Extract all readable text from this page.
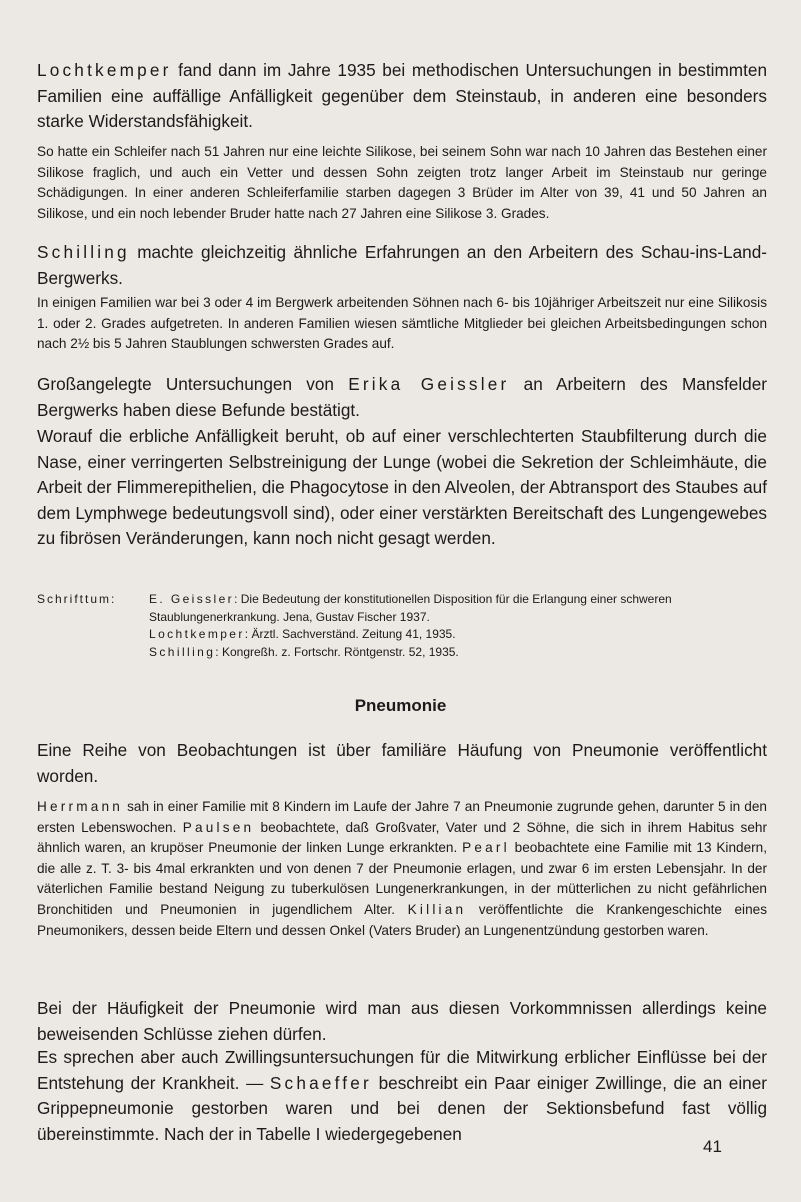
Lochtkemper fand dann im Jahre 1935 bei methodischen Untersuchungen in bestimmten Familien eine auffällige Anfälligkeit gegenüber dem Steinstaub, in anderen eine besonders starke Widerstandsfähigkeit.

So hatte ein Schleifer nach 51 Jahren nur eine leichte Silikose, bei seinem Sohn war nach 10 Jahren das Bestehen einer Silikose fraglich, und auch ein Vetter und dessen Sohn zeigten trotz langer Arbeit im Steinstaub nur geringe Schädigungen. In einer anderen Schleiferfamilie starben dagegen 3 Brüder im Alter von 39, 41 und 50 Jahren an Silikose, und ein noch lebender Bruder hatte nach 27 Jahren eine Silikose 3. Grades.

Schilling machte gleichzeitig ähnliche Erfahrungen an den Arbeitern des Schau-ins-Land-Bergwerks.

In einigen Familien war bei 3 oder 4 im Bergwerk arbeitenden Söhnen nach 6- bis 10jähriger Arbeitszeit nur eine Silikosis 1. oder 2. Grades aufgetreten. In anderen Familien wiesen sämtliche Mitglieder bei gleichen Arbeitsbedingungen schon nach 2½ bis 5 Jahren Staublungen schwersten Grades auf.

Großangelegte Untersuchungen von Erika Geissler an Arbeitern des Mansfelder Bergwerks haben diese Befunde bestätigt.

Worauf die erbliche Anfälligkeit beruht, ob auf einer verschlechterten Staubfilterung durch die Nase, einer verringerten Selbstreinigung der Lunge (wobei die Sekretion der Schleimhäute, die Arbeit der Flimmerepithelien, die Phagocytose in den Alveolen, der Abtransport des Staubes auf dem Lymphwege bedeutungsvoll sind), oder einer verstärkten Bereitschaft des Lungengewebes zu fibrösen Veränderungen, kann noch nicht gesagt werden.

Schrifttum:	E. Geissler: Die Bedeutung der konstitutionellen Disposition für die Erlangung einer schweren Staublungenerkrankung. Jena, Gustav Fischer 1937.
Lochtkemper: Ärztl. Sachverständ. Zeitung 41, 1935.
Schilling: Kongreßh. z. Fortschr. Röntgenstr. 52, 1935.
Pneumonie

Eine Reihe von Beobachtungen ist über familiäre Häufung von Pneumonie veröffentlicht worden.

Herrmann sah in einer Familie mit 8 Kindern im Laufe der Jahre 7 an Pneumonie zugrunde gehen, darunter 5 in den ersten Lebenswochen. Paulsen beobachtete, daß Großvater, Vater und 2 Söhne, die sich in ihrem Habitus sehr ähnlich waren, an krupöser Pneumonie der linken Lunge erkrankten. Pearl beobachtete eine Familie mit 13 Kindern, die alle z. T. 3- bis 4mal erkrankten und von denen 7 der Pneumonie erlagen, und zwar 6 im ersten Lebensjahr. In der väterlichen Familie bestand Neigung zu tuberkulösen Lungenerkrankungen, in der mütterlichen zu nicht gefährlichen Bronchitiden und Pneumonien in jugendlichem Alter. Killian veröffentlichte die Krankengeschichte eines Pneumonikers, dessen beide Eltern und dessen Onkel (Vaters Bruder) an Lungenentzündung gestorben waren.

Bei der Häufigkeit der Pneumonie wird man aus diesen Vorkommnissen allerdings keine beweisenden Schlüsse ziehen dürfen.

Es sprechen aber auch Zwillingsuntersuchungen für die Mitwirkung erblicher Einflüsse bei der Entstehung der Krankheit. — Schaeffer beschreibt ein Paar einiger Zwillinge, die an einer Grippepneumonie gestorben waren und bei denen der Sektionsbefund fast völlig übereinstimmte. Nach der in Tabelle I wiedergegebenen

41
